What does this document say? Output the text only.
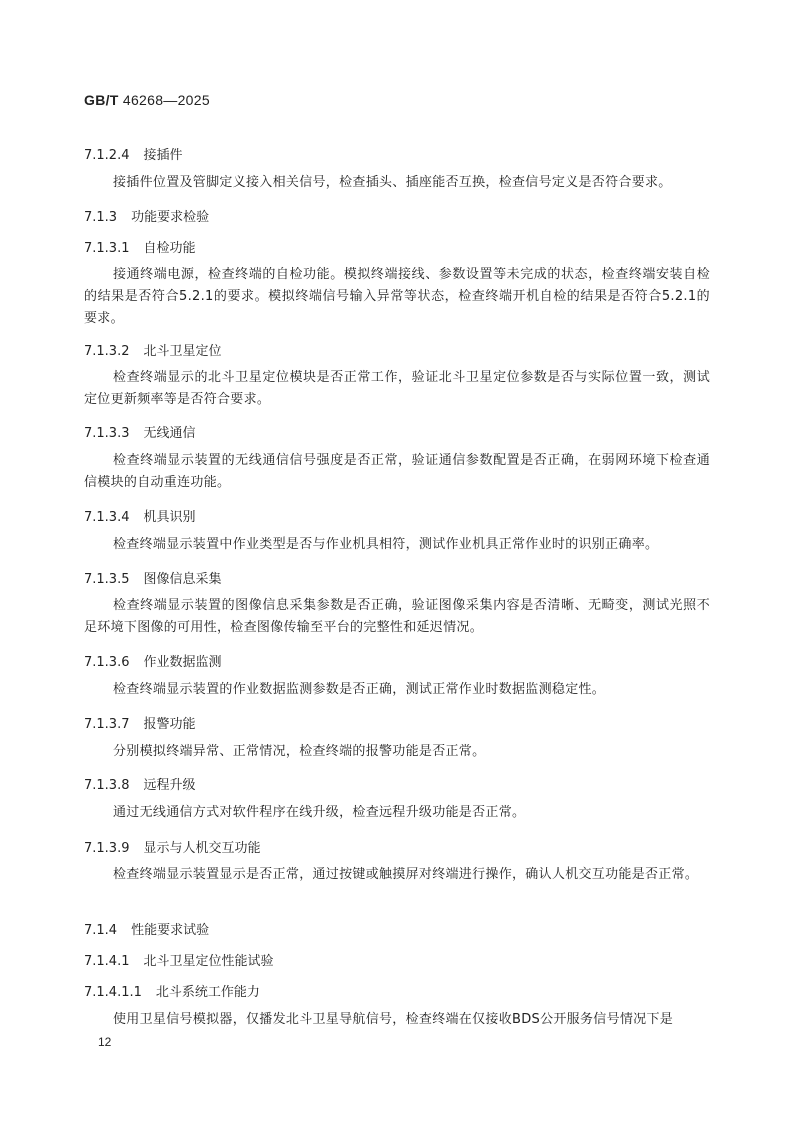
GB/T 46268—2025
7.1.2.4 接插件
接插件位置及管脚定义接入相关信号，检查插头、插座能否互换，检查信号定义是否符合要求。
7.1.3 功能要求检验
7.1.3.1 自检功能
接通终端电源，检查终端的自检功能。模拟终端接线、参数设置等未完成的状态，检查终端安装自检的结果是否符合5.2.1的要求。模拟终端信号输入异常等状态，检查终端开机自检的结果是否符合5.2.1的要求。
7.1.3.2 北斗卫星定位
检查终端显示的北斗卫星定位模块是否正常工作，验证北斗卫星定位参数是否与实际位置一致，测试定位更新频率等是否符合要求。
7.1.3.3 无线通信
检查终端显示装置的无线通信信号强度是否正常，验证通信参数配置是否正确，在弱网环境下检查通信模块的自动重连功能。
7.1.3.4 机具识别
检查终端显示装置中作业类型是否与作业机具相符，测试作业机具正常作业时的识别正确率。
7.1.3.5 图像信息采集
检查终端显示装置的图像信息采集参数是否正确，验证图像采集内容是否清晰、无畸变，测试光照不足环境下图像的可用性，检查图像传输至平台的完整性和延迟情况。
7.1.3.6 作业数据监测
检查终端显示装置的作业数据监测参数是否正确，测试正常作业时数据监测稳定性。
7.1.3.7 报警功能
分别模拟终端异常、正常情况，检查终端的报警功能是否正常。
7.1.3.8 远程升级
通过无线通信方式对软件程序在线升级，检查远程升级功能是否正常。
7.1.3.9 显示与人机交互功能
检查终端显示装置显示是否正常，通过按键或触摸屏对终端进行操作，确认人机交互功能是否正常。
7.1.4 性能要求试验
7.1.4.1 北斗卫星定位性能试验
7.1.4.1.1 北斗系统工作能力
使用卫星信号模拟器，仅播发北斗卫星导航信号，检查终端在仅接收BDS公开服务信号情况下是
12
